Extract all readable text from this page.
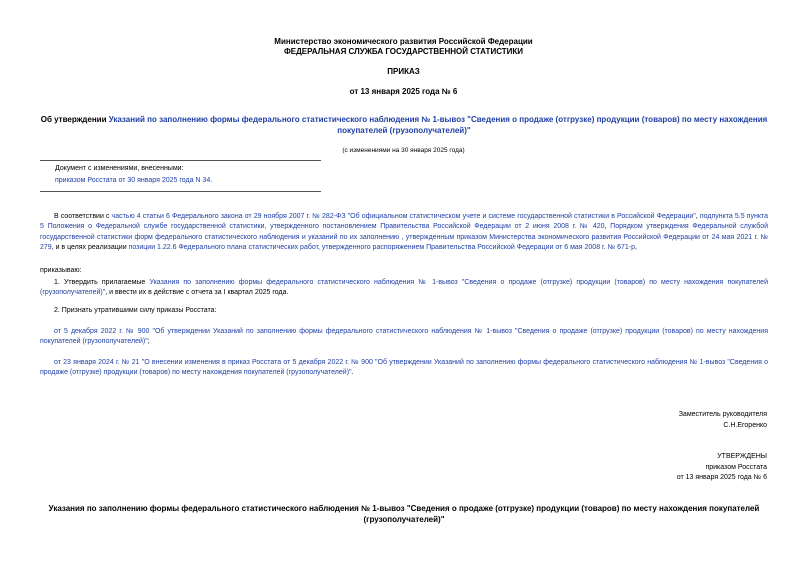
Министерство экономического развития Российской Федерации
ФЕДЕРАЛЬНАЯ СЛУЖБА ГОСУДАРСТВЕННОЙ СТАТИСТИКИ
ПРИКАЗ
от 13 января 2025 года № 6
Об утверждении Указаний по заполнению формы федерального статистического наблюдения № 1-вывоз "Сведения о продаже (отгрузке) продукции (товаров) по месту нахождения покупателей (грузополучателей)"
(с изменениями на 30 января 2025 года)
Документ с изменениями, внесенными:
приказом Росстата от 30 января 2025 года N 34.
В соответствии с частью 4 статьи 6 Федерального закона от 29 ноября 2007 г. № 282-ФЗ "Об официальном статистическом учете и системе государственной статистики в Российской Федерации", подпункта 5.5 пункта 5 Положения о Федеральной службе государственной статистики, утвержденного постановлением Правительства Российской Федерации от 2 июня 2008 г. № 420, Порядком утверждения Федеральной службой государственной статистики форм федерального статистического наблюдения и указаний по их заполнению , утвержденным приказом Министерства экономического развития Российской Федерации от 24 мая 2021 г. № 279, и в целях реализации позиции 1.22.6 Федерального плана статистических работ, утвержденного распоряжением Правительства Российской Федерации от 6 мая 2008 г. № 671-р,
приказываю:
1. Утвердить прилагаемые Указания по заполнению формы федерального статистического наблюдения № 1-вывоз "Сведения о продаже (отгрузке) продукции (товаров) по месту нахождения покупателей (грузополучателей)", и ввести их в действие с отчета за I квартал 2025 года.
2. Признать утратившими силу приказы Росстата:
от 5 декабря 2022 г. № 900 "Об утверждении Указаний по заполнению формы федерального статистического наблюдения № 1-вывоз "Сведения о продаже (отгрузке) продукции (товаров) по месту нахождения покупателей (грузополучателей)";
от 23 января 2024 г. № 21 "О внесении изменения в приказ Росстата от 5 декабря 2022 г. № 900 "Об утверждении Указаний по заполнению формы федерального статистического наблюдения № 1-вывоз "Сведения о продаже (отгрузке) продукции (товаров) по месту нахождения покупателей (грузополучателей)".
Заместитель руководителя
С.Н.Егоренко
УТВЕРЖДЕНЫ
приказом Росстата
от 13 января 2025 года № 6
Указания по заполнению формы федерального статистического наблюдения № 1-вывоз "Сведения о продаже (отгрузке) продукции (товаров) по месту нахождения покупателей (грузополучателей)"
